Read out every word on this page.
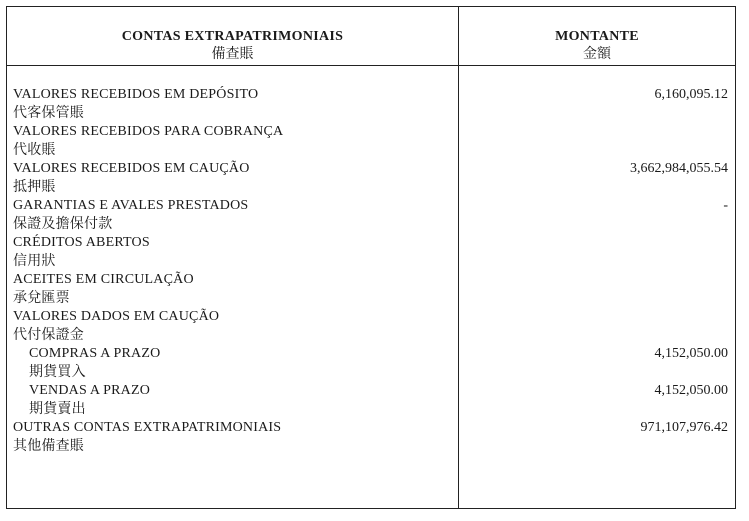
CONTAS EXTRAPATRIMONIAIS
備查賬
MONTANTE
金額
VALORES RECEBIDOS EM DEPÓSITO	6,160,095.12
代客保管賬
VALORES RECEBIDOS PARA COBRANÇA
代收賬
VALORES RECEBIDOS EM CAUÇÃO	3,662,984,055.54
抵押賬
GARANTIAS E AVALES PRESTADOS	-
保證及擔保付款
CRÉDITOS ABERTOS
信用狀
ACEITES EM CIRCULAÇÃO
承兌匯票
VALORES DADOS EM CAUÇÃO
代付保證金
COMPRAS A PRAZO	4,152,050.00
期貨買入
VENDAS A PRAZO	4,152,050.00
期貨賣出
OUTRAS CONTAS EXTRAPATRIMONIAIS	971,107,976.42
其他備查賬
